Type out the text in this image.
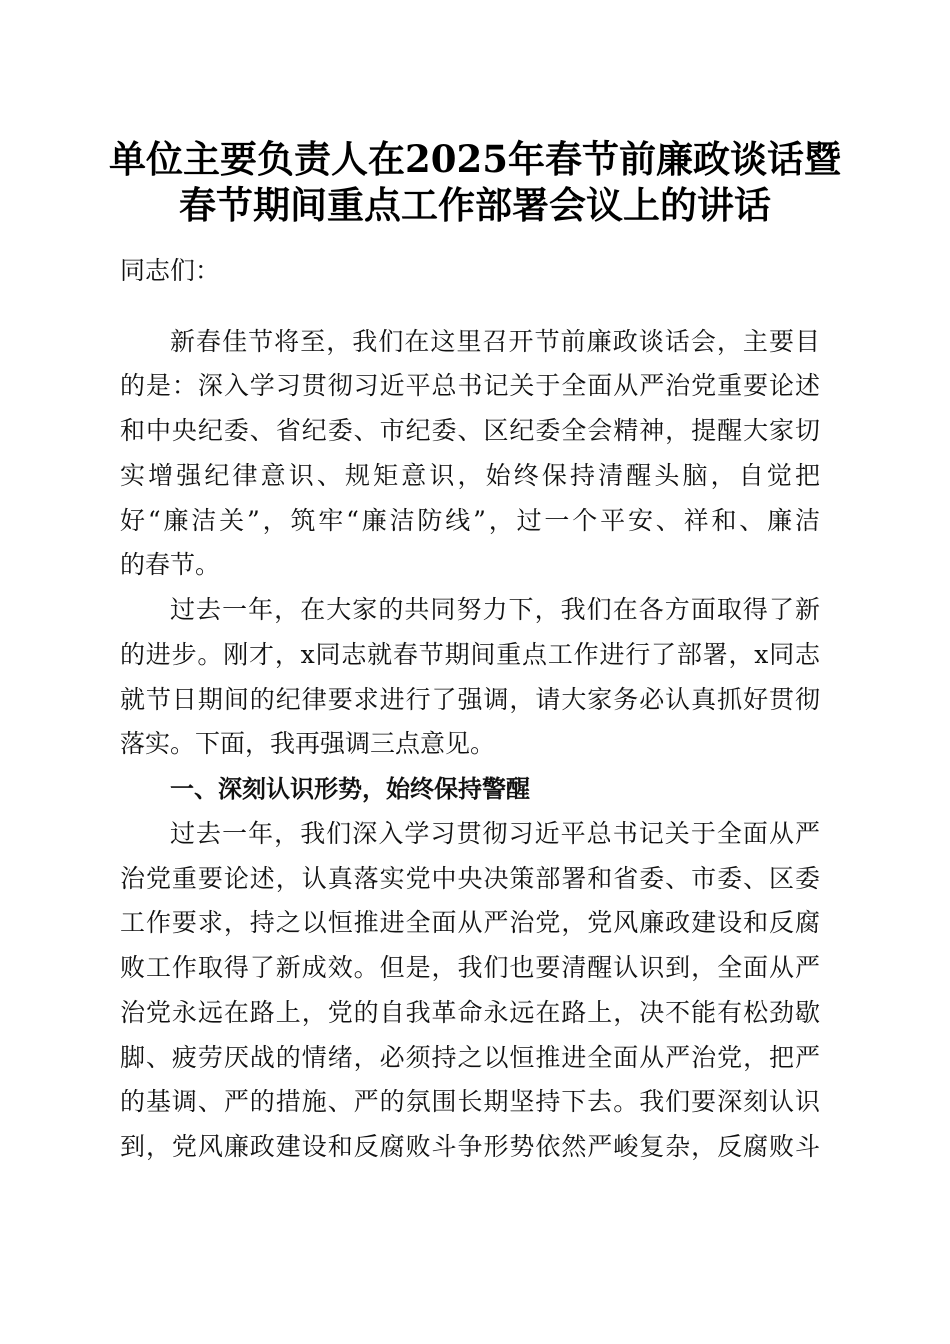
单位主要负责人在2025年春节前廉政谈话暨
春节期间重点工作部署会议上的讲话
同志们：
新春佳节将至，我们在这里召开节前廉政谈话会，主要目
的是：深入学习贯彻习近平总书记关于全面从严治党重要论述
和中央纪委、省纪委、市纪委、区纪委全会精神，提醒大家切
实增强纪律意识、规矩意识，始终保持清醒头脑，自觉把
好“廉洁关”，筑牢“廉洁防线”，过一个平安、祥和、廉洁
的春节。
过去一年，在大家的共同努力下，我们在各方面取得了新
的进步。刚才，x同志就春节期间重点工作进行了部署，x同志
就节日期间的纪律要求进行了强调，请大家务必认真抓好贯彻
落实。下面，我再强调三点意见。
一、深刻认识形势，始终保持警醒
过去一年，我们深入学习贯彻习近平总书记关于全面从严
治党重要论述，认真落实党中央决策部署和省委、市委、区委
工作要求，持之以恒推进全面从严治党，党风廉政建设和反腐
败工作取得了新成效。但是，我们也要清醒认识到，全面从严
治党永远在路上，党的自我革命永远在路上，决不能有松劲歇
脚、疲劳厌战的情绪，必须持之以恒推进全面从严治党，把严
的基调、严的措施、严的氛围长期坚持下去。我们要深刻认识
到，党风廉政建设和反腐败斗争形势依然严峻复杂，反腐败斗
